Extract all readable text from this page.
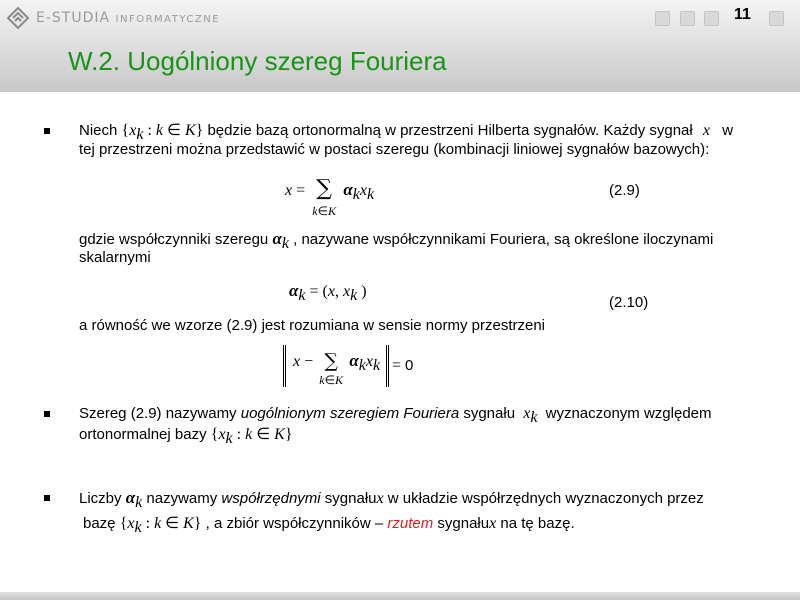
E-STUDIA INFORMATYCZNE	11
W.2. Uogólniony szereg Fouriera
Niech {$x_k$ : k ∈ K} będzie bazą ortonormalną w przestrzeni Hilberta sygnałów. Każdy sygnał x w
tej przestrzeni można przedstawić w postaci szeregu (kombinacji liniowej sygnałów bazowych):
x = ∑
$^{k\in K}$ $\alpha_kx_k$	(2.9)
gdzie współczynniki szeregu $\alpha_k$ , nazywane współczynnikami Fouriera, są określone iloczynami
skalarnymi
$\alpha_k = (x$, $x_k$ )
(2.10)
a równość we wzorze (2.9) jest rozumiana w sensie normy przestrzeni
x − ∑
$^{k\in K}$ $\alpha_kx_k = 0$
Szereg (2.9) nazywamy uogólnionym szeregiem Fouriera sygnału $x_k$ wyznaczonym względem
ortonormalnej bazy {$x_k$ : k ∈ K}
Liczby $\alpha_k$ nazywamy współrzędnymi sygnałux w układzie współrzędnych wyznaczonych przez
bazę {$x_k$ : k ∈ K} , a zbiór współczynników – rzutem sygnałux na tę bazę.
